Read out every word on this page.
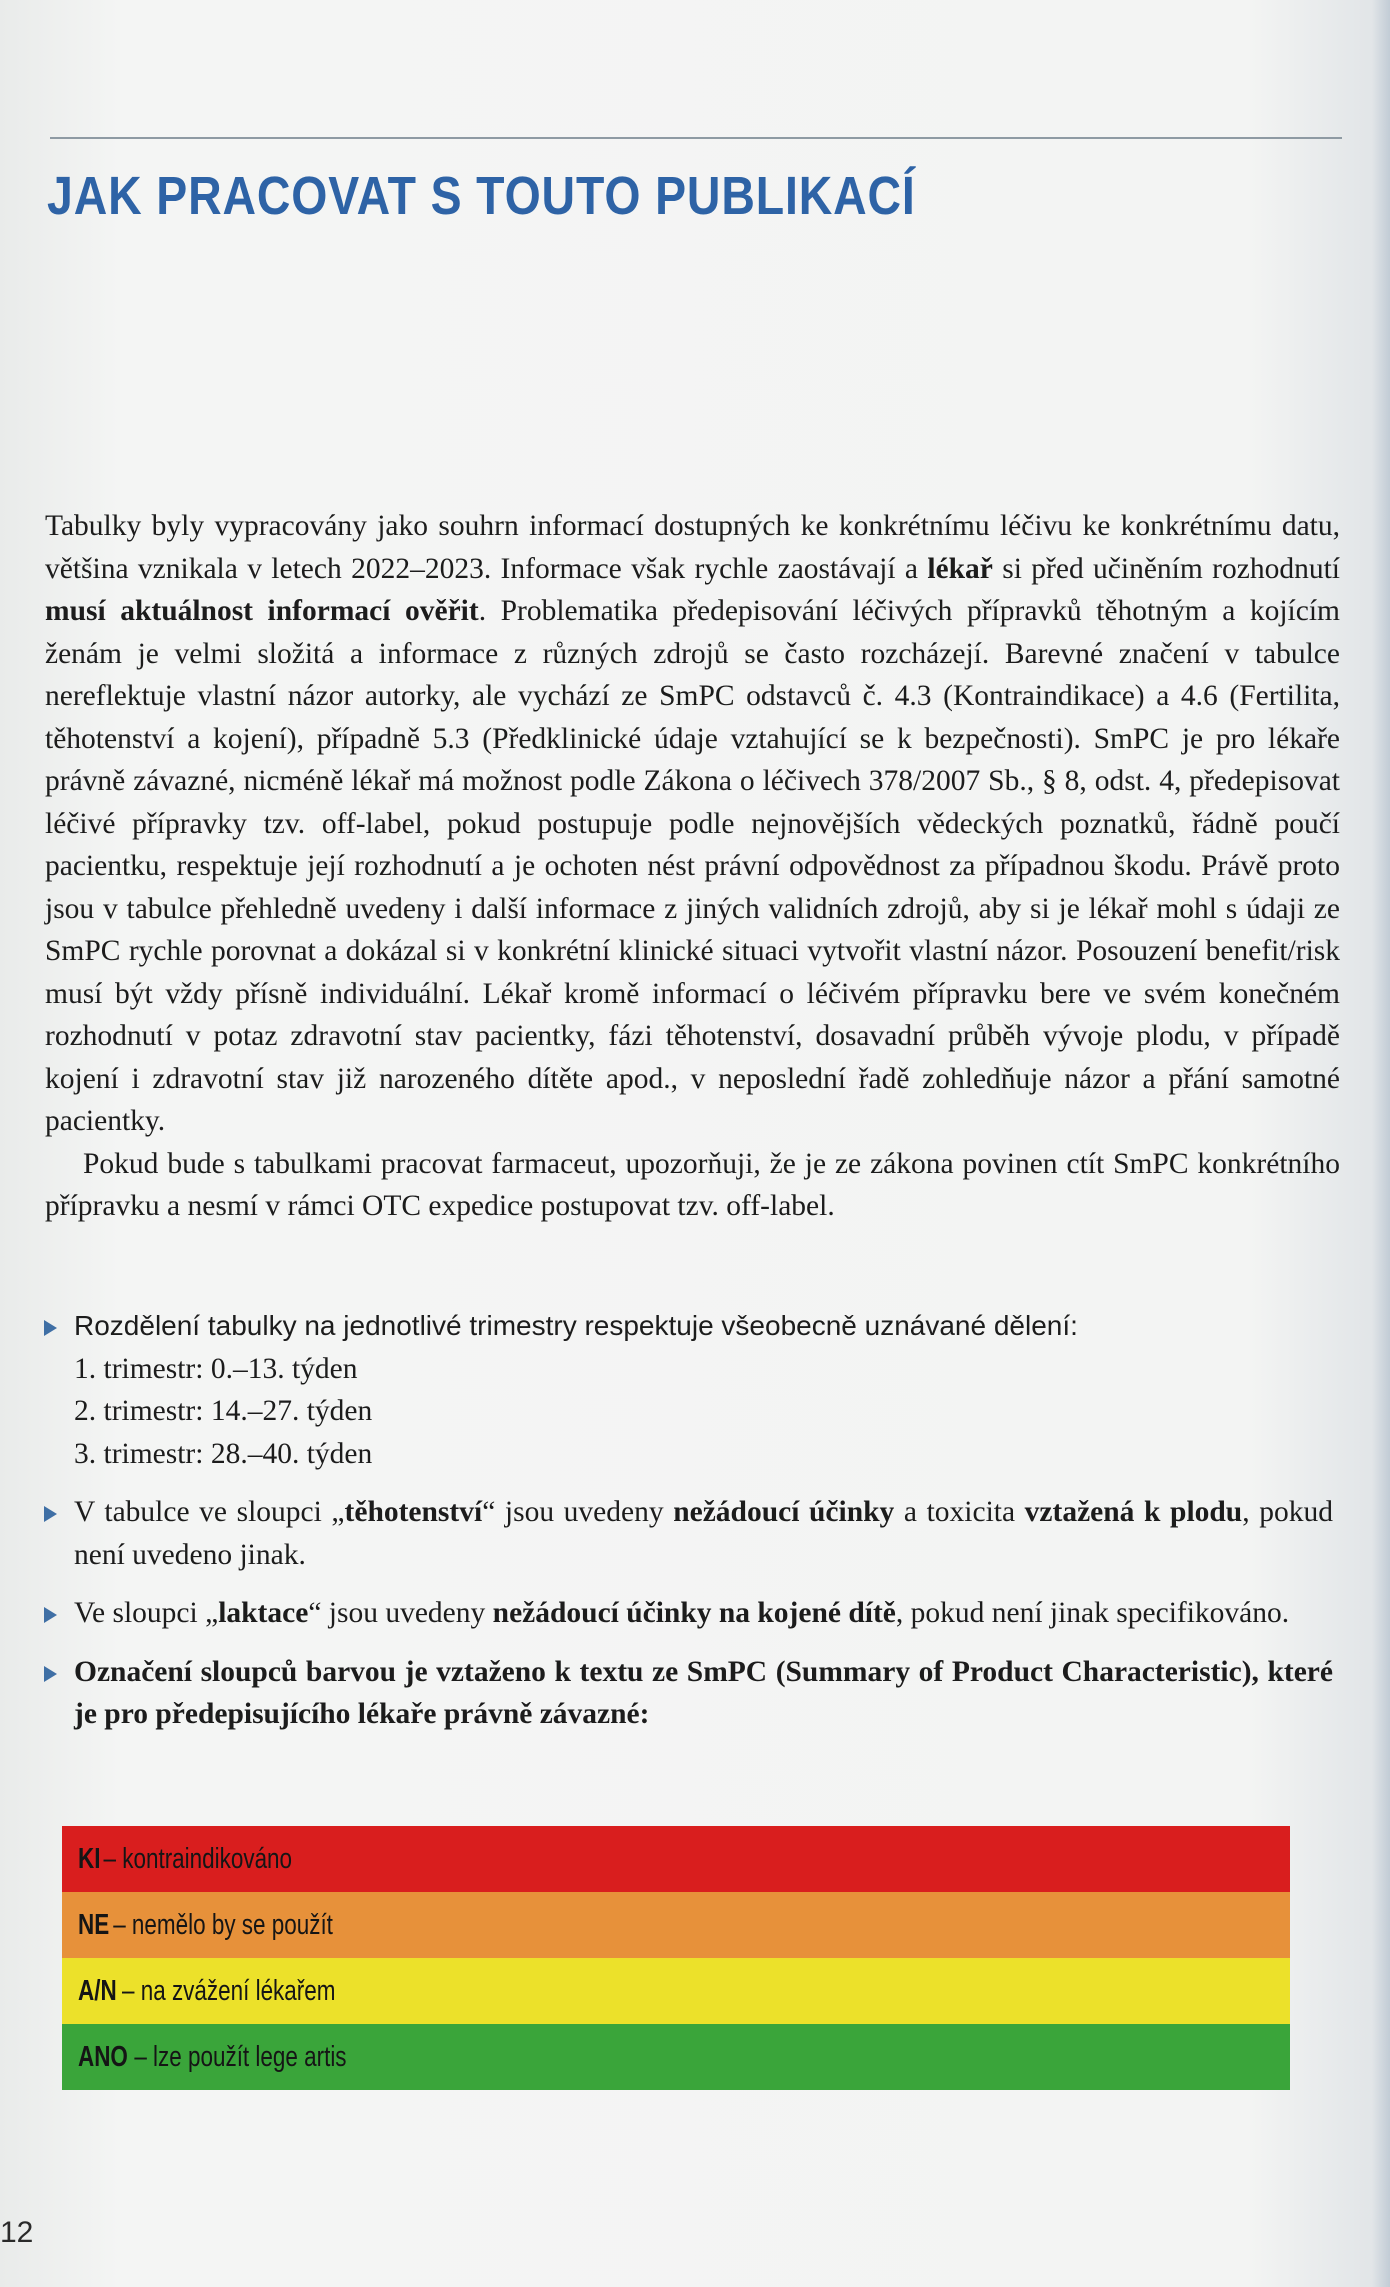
JAK PRACOVAT S TOUTO PUBLIKACÍ

Tabulky byly vypracovány jako souhrn informací dostupných ke konkrétnímu léčivu ke konkrétnímu datu, většina vznikala v letech 2022–2023. Informace však rychle zaostávají a lékař si před učiněním rozhodnutí musí aktuálnost informací ověřit. Problematika předepisování léčivých přípravků těhotným a kojícím ženám je velmi složitá a informace z různých zdrojů se často rozcházejí. Barevné značení v tabulce nereflektuje vlastní názor autorky, ale vychází ze SmPC odstavců č. 4.3 (Kontraindikace) a 4.6 (Fertilita, těhotenství a kojení), případně 5.3 (Předklinické údaje vztahující se k bezpečnosti). SmPC je pro lékaře právně závazné, nicméně lékař má možnost podle Zákona o léčivech 378/2007 Sb., § 8, odst. 4, předepisovat léčivé přípravky tzv. off-label, pokud postupuje podle nejnovějších vědeckých poznatků, řádně poučí pacientku, respektuje její rozhodnutí a je ochoten nést právní odpovědnost za případnou škodu. Právě proto jsou v tabulce přehledně uvedeny i další informace z jiných validních zdrojů, aby si je lékař mohl s údaji ze SmPC rychle porovnat a dokázal si v konkrétní klinické situaci vytvořit vlastní názor. Posouzení benefit/risk musí být vždy přísně individuální. Lékař kromě informací o léčivém přípravku bere ve svém konečném rozhodnutí v potaz zdravotní stav pacientky, fázi těhotenství, dosavadní průběh vývoje plodu, v případě kojení i zdravotní stav již narozeného dítěte apod., v neposlední řadě zohledňuje názor a přání samotné pacientky.

Pokud bude s tabulkami pracovat farmaceut, upozorňuji, že je ze zákona povinen ctít SmPC konkrétního přípravku a nesmí v rámci OTC expedice postupovat tzv. off-label.

Rozdělení tabulky na jednotlivé trimestry respektuje všeobecně uznávané dělení:
1. trimestr: 0.–13. týden
2. trimestr: 14.–27. týden
3. trimestr: 28.–40. týden
V tabulce ve sloupci „těhotenství“ jsou uvedeny nežádoucí účinky a toxicita vztažená k plodu, pokud není uvedeno jinak.
Ve sloupci „laktace“ jsou uvedeny nežádoucí účinky na kojené dítě, pokud není jinak specifikováno.
Označení sloupců barvou je vztaženo k textu ze SmPC (Summary of Product Characteristic), které je pro předepisujícího lékaře právně závazné:
KI– kontraindikováno
NE– nemělo by se použít
A/N– na zvážení lékařem
ANO– lze použít lege artis
12
